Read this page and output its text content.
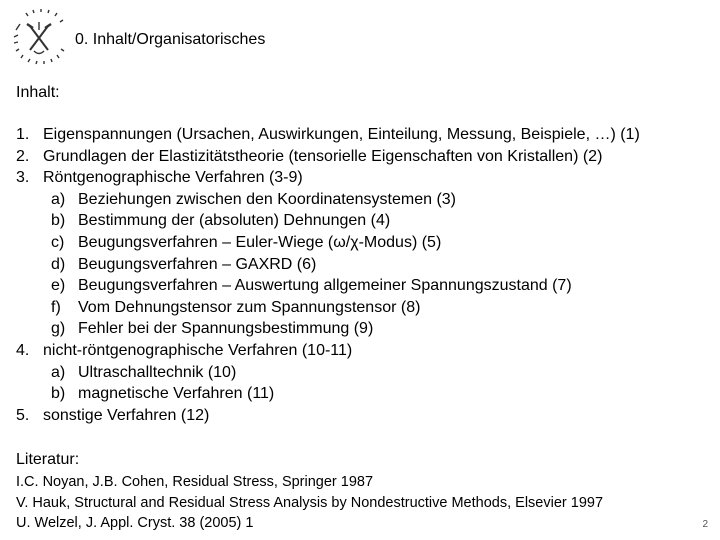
0. Inhalt/Organisatorisches
Inhalt:
1. Eigenspannungen (Ursachen, Auswirkungen, Einteilung, Messung, Beispiele, …) (1)
2. Grundlagen der Elastizitätstheorie (tensorielle Eigenschaften von Kristallen) (2)
3. Röntgenographische Verfahren (3-9)
a) Beziehungen zwischen den Koordinatensystemen (3)
b) Bestimmung der (absoluten) Dehnungen (4)
c) Beugungsverfahren – Euler-Wiege (ω/χ-Modus) (5)
d) Beugungsverfahren – GAXRD (6)
e) Beugungsverfahren – Auswertung allgemeiner Spannungszustand (7)
f) Vom Dehnungstensor zum Spannungstensor (8)
g) Fehler bei der Spannungsbestimmung (9)
4. nicht-röntgenographische Verfahren (10-11)
a) Ultraschalltechnik (10)
b) magnetische Verfahren (11)
5. sonstige Verfahren (12)
Literatur:
I.C. Noyan, J.B. Cohen, Residual Stress, Springer 1987
V. Hauk, Structural and Residual Stress Analysis by Nondestructive Methods, Elsevier 1997
U. Welzel, J. Appl. Cryst. 38 (2005) 1	2
